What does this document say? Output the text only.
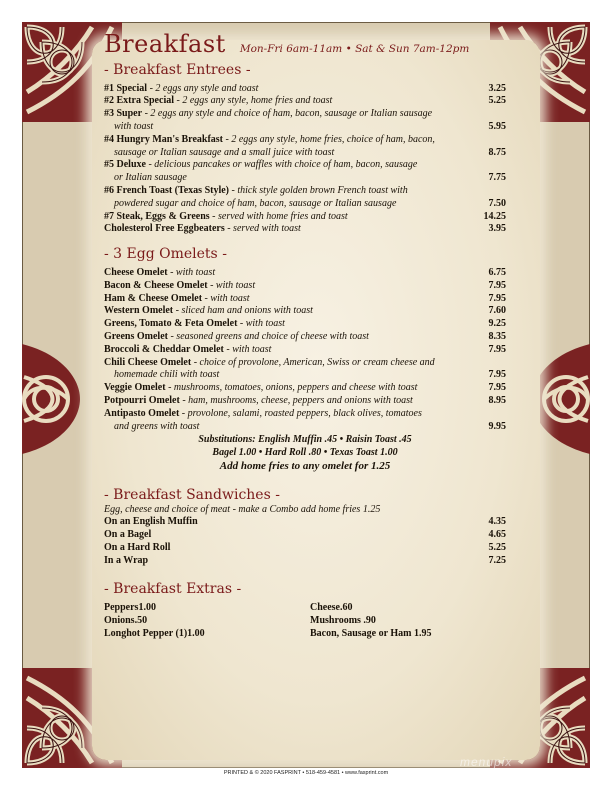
Breakfast Mon-Fri 6am-11am • Sat & Sun 7am-12pm
- Breakfast Entrees -
#1 Special - 2 eggs any style and toast	3.25
#2 Extra Special - 2 eggs any style, home fries and toast	5.25
#3 Super - 2 eggs any style and choice of ham, bacon, sausage or Italian sausage
with toast	5.95
#4 Hungry Man's Breakfast - 2 eggs any style, home fries, choice of ham, bacon,
sausage or Italian sausage and a small juice with toast	8.75
#5 Deluxe - delicious pancakes or waffles with choice of ham, bacon, sausage
or Italian sausage	7.75
#6 French Toast (Texas Style) - thick style golden brown French toast with
powdered sugar and choice of ham, bacon, sausage or Italian sausage	7.50
#7 Steak, Eggs & Greens - served with home fries and toast	14.25
Cholesterol Free Eggbeaters - served with toast	3.95
- 3 Egg Omelets -
Cheese Omelet - with toast	6.75
Bacon & Cheese Omelet - with toast	7.95
Ham & Cheese Omelet - with toast	7.95
Western Omelet - sliced ham and onions with toast	7.60
Greens, Tomato & Feta Omelet - with toast	9.25
Greens Omelet - seasoned greens and choice of cheese with toast	8.35
Broccoli & Cheddar Omelet - with toast	7.95
Chili Cheese Omelet - choice of provolone, American, Swiss or cream cheese and
homemade chili with toast	7.95
Veggie Omelet - mushrooms, tomatoes, onions, peppers and cheese with toast	7.95
Potpourri Omelet - ham, mushrooms, cheese, peppers and onions with toast	8.95
Antipasto Omelet - provolone, salami, roasted peppers, black olives, tomatoes
and greens with toast	9.95
Substitutions: English Muffin .45 • Raisin Toast .45
Bagel 1.00 • Hard Roll .80 • Texas Toast 1.00
Add home fries to any omelet for 1.25
- Breakfast Sandwiches -
Egg, cheese and choice of meat - make a Combo add home fries 1.25
On an English Muffin	4.35
On a Bagel	4.65
On a Hard Roll	5.25
In a Wrap	7.25
- Breakfast Extras -
Peppers1.00	Cheese.60
Onions.50	Mushrooms .90
Longhot Pepper (1)1.00	Bacon, Sausage or Ham 1.95
PRINTED & © 2020 FASPRINT • 518-459-4581 • www.fasprint.com
menupix
